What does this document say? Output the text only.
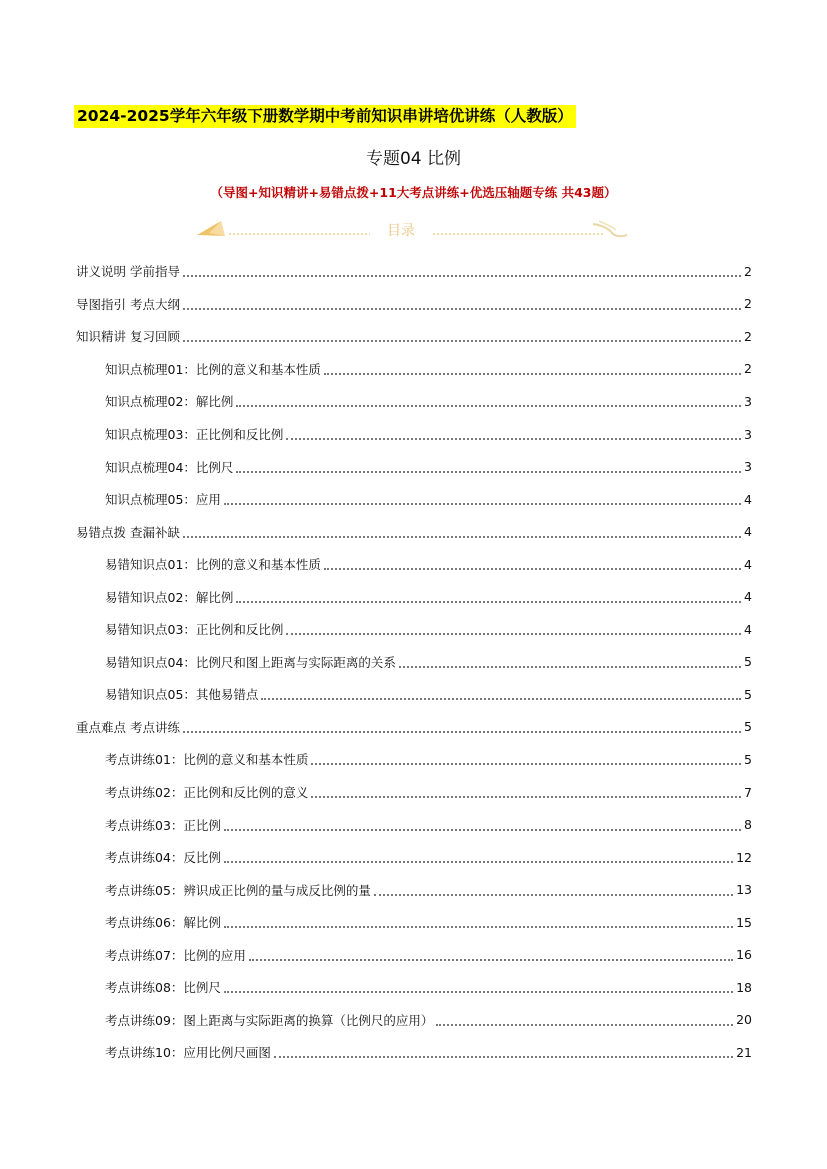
2024-2025学年六年级下册数学期中考前知识串讲培优讲练（人教版）
专题04 比例
（导图+知识精讲+易错点拨+11大考点讲练+优选压轴题专练 共43题）
目录
讲义说明 学前指导	2
导图指引 考点大纲	2
知识精讲 复习回顾	2
知识点梳理01：比例的意义和基本性质	2
知识点梳理02：解比例	3
知识点梳理03：正比例和反比例	3
知识点梳理04：比例尺	3
知识点梳理05：应用	4
易错点拨 查漏补缺	4
易错知识点01：比例的意义和基本性质	4
易错知识点02：解比例	4
易错知识点03：正比例和反比例	4
易错知识点04：比例尺和图上距离与实际距离的关系	5
易错知识点05：其他易错点	5
重点难点 考点讲练	5
考点讲练01：比例的意义和基本性质	5
考点讲练02：正比例和反比例的意义	7
考点讲练03：正比例	8
考点讲练04：反比例	12
考点讲练05：辨识成正比例的量与成反比例的量	13
考点讲练06：解比例	15
考点讲练07：比例的应用	16
考点讲练08：比例尺	18
考点讲练09：图上距离与实际距离的换算（比例尺的应用）	20
考点讲练10：应用比例尺画图	21
